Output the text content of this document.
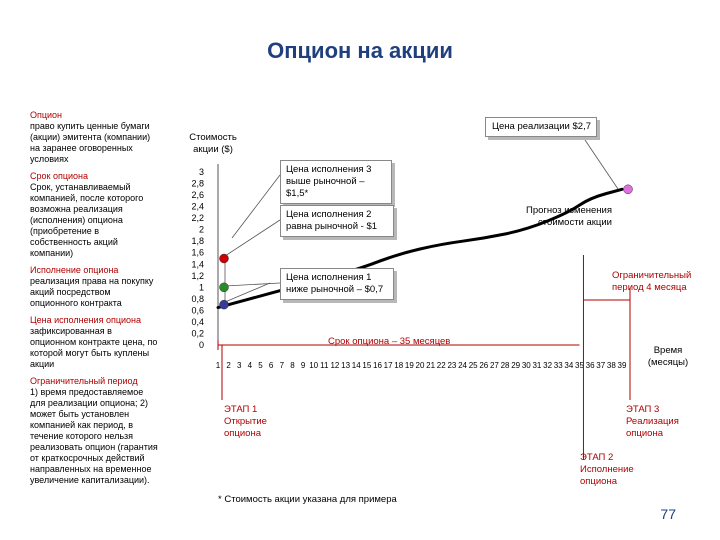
Опцион на акции
Опцион
право купить ценные бумаги (акции) эмитента (компании) на заранее оговоренных условиях
Срок опциона
Срок, устанавливаемый компанией, после которого возможна реализация (исполнения) опциона (приобретение в собственность акций компании)
Исполнение опциона
реализация права на покупку акций посредством опционного контракта
Цена исполнения опциона
зафиксированная в опционном контракте цена, по которой могут быть куплены акции
Ограничительный период
1) время предоставляемое для реализации опциона; 2) может быть установлен компанией как период, в течение которого нельзя реализовать опцион (гарантия от краткосрочных действий направленных на временное увеличение капитализации).
3
2,8
2,6
2,4
2,2
2
1,8
1,6
1,4
1,2
1
0,8
0,6
0,4
0,2
0
1 2 3 4 5 6 7 8 9 10 11 12 13 14 15 16 17 18 19 20 21 22 23 24 25 26 27 28 29 30 31 32 33 34 35 36 37 38 39
Стоимость акции ($)
Время (месяцы)
Цена реализации $2,7
Цена исполнения 3 выше рыночной – $1,5*
Цена исполнения 2 равна рыночной - $1
Цена исполнения 1 ниже рыночной – $0,7
Прогноз изменения стоимости акции
Ограничительный период 4 месяца
Срок опциона – 35 месяцев
ЭТАП 1 Открытие опциона
ЭТАП 2 Исполнение опциона
ЭТАП 3 Реализация опциона
* Стоимость акции указана для примера
77
